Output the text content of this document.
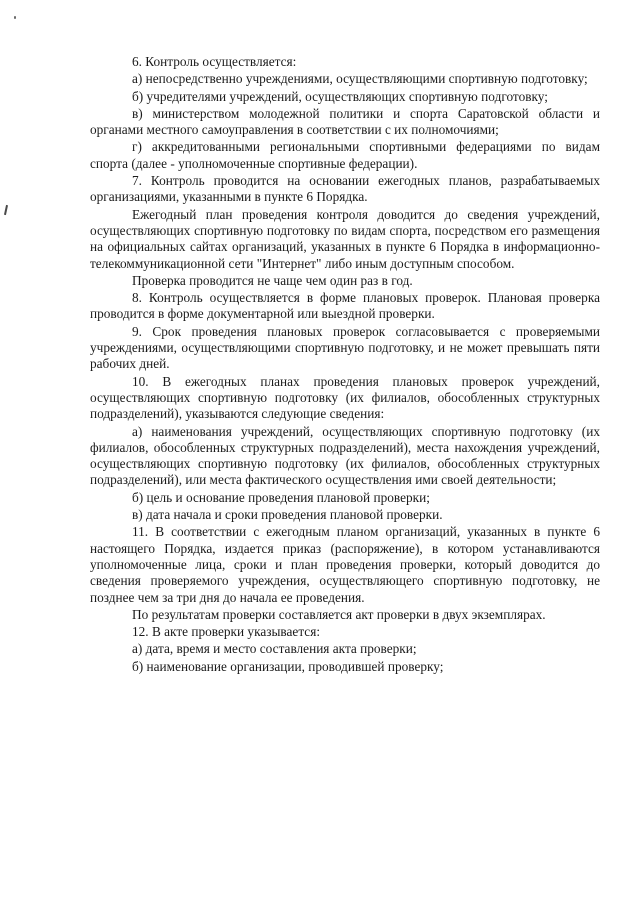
6. Контроль осуществляется:

а) непосредственно учреждениями, осуществляющими спортивную подготовку;

б) учредителями учреждений, осуществляющих спортивную подготовку;

в) министерством молодежной политики и спорта Саратовской области и органами местного самоуправления в соответствии с их полномочиями;

г) аккредитованными региональными спортивными федерациями по видам спорта (далее - уполномоченные спортивные федерации).

7. Контроль проводится на основании ежегодных планов, разрабатываемых организациями, указанными в пункте 6 Порядка.

Ежегодный план проведения контроля доводится до сведения учреждений, осуществляющих спортивную подготовку по видам спорта, посредством его размещения на официальных сайтах организаций, указанных в пункте 6 Порядка в информационно-телекоммуникационной сети "Интернет" либо иным доступным способом.

Проверка проводится не чаще чем один раз в год.

8. Контроль осуществляется в форме плановых проверок. Плановая проверка проводится в форме документарной или выездной проверки.

9. Срок проведения плановых проверок согласовывается с проверяемыми учреждениями, осуществляющими спортивную подготовку, и не может превышать пяти рабочих дней.

10. В ежегодных планах проведения плановых проверок учреждений, осуществляющих спортивную подготовку (их филиалов, обособленных структурных подразделений), указываются следующие сведения:

а) наименования учреждений, осуществляющих спортивную подготовку (их филиалов, обособленных структурных подразделений), места нахождения учреждений, осуществляющих спортивную подготовку (их филиалов, обособленных структурных подразделений), или места фактического осуществления ими своей деятельности;

б) цель и основание проведения плановой проверки;

в) дата начала и сроки проведения плановой проверки.

11. В соответствии с ежегодным планом организаций, указанных в пункте 6 настоящего Порядка, издается приказ (распоряжение), в котором устанавливаются уполномоченные лица, сроки и план проведения проверки, который доводится до сведения проверяемого учреждения, осуществляющего спортивную подготовку, не позднее чем за три дня до начала ее проведения.

По результатам проверки составляется акт проверки в двух экземплярах.

12. В акте проверки указывается:

а) дата, время и место составления акта проверки;

б) наименование организации, проводившей проверку;
